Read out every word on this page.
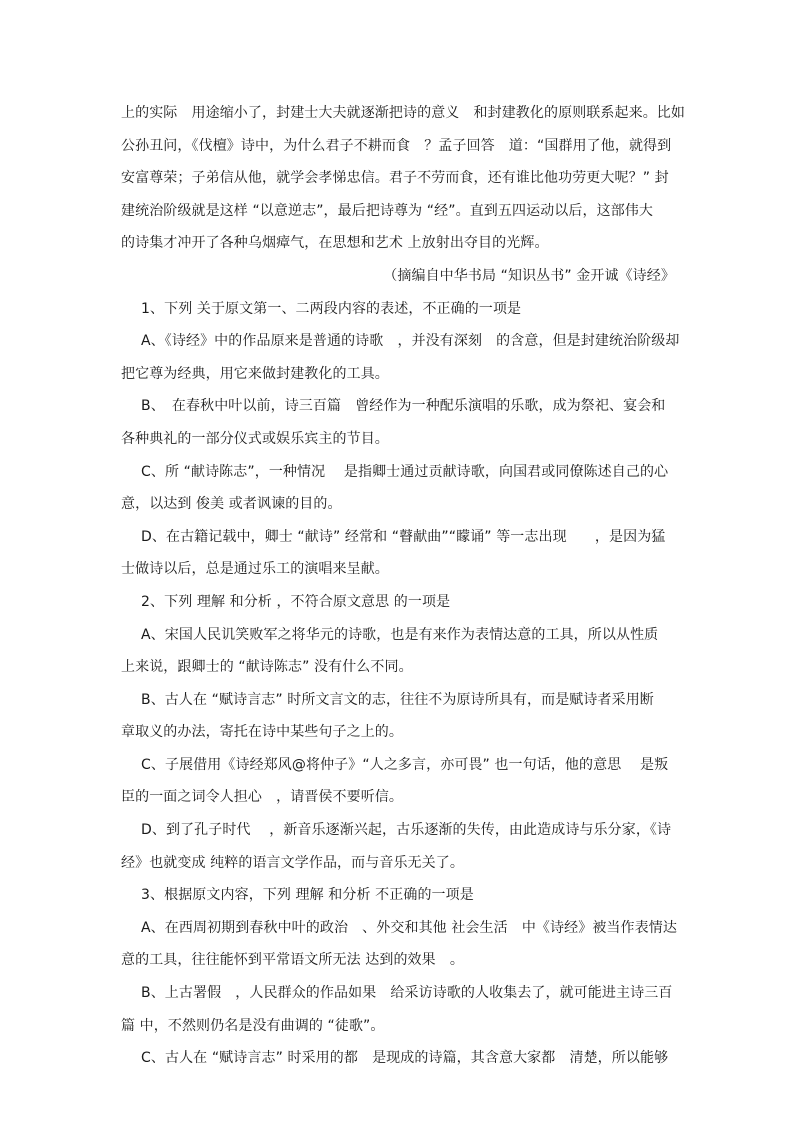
上的实际　用途缩小了，封建士大夫就逐渐把诗的意义　和封建教化的原则联系起来。比如
公孙丑问，《伐檀》诗中，为什么君子不耕而食　？孟子回答　道：“国群用了他，就得到
安富尊荣；子弟信从他，就学会孝悌忠信。君子不劳而食，还有谁比他功劳更大呢？” 封
建统治阶级就是这样 “以意逆志”，最后把诗尊为 “经”。直到五四运动以后，这部伟大
的诗集才冲开了各种乌烟瘴气，在思想和艺术 上放射出夺目的光辉。
（摘编自中华书局 “知识丛书” 金开诚《诗经》
1、下列 关于原文第一、二两段内容的表述，不正确的一项是
A、《诗经》中的作品原来是普通的诗歌　，并没有深刻　的含意，但是封建统治阶级却
把它尊为经典，用它来做封建教化的工具。
B、　在春秋中叶以前，诗三百篇　曾经作为一种配乐演唱的乐歌，成为祭祀、宴会和
各种典礼的一部分仪式或娱乐宾主的节目。
C、所 “献诗陈志”，一种情况　 是指卿士通过贡献诗歌，向国君或同僚陈述自己的心
意，以达到 俊美 或者讽谏的目的。
D、在古籍记载中，卿士 “献诗” 经常和 “瞽献曲”“矇诵” 等一志出现　　，是因为猛
士做诗以后，总是通过乐工的演唱来呈献。
2、下列 理解 和分析 ，不符合原文意思 的一项是
A、宋国人民讥笑败军之将华元的诗歌，也是有来作为表情达意的工具，所以从性质
上来说，跟卿士的 “献诗陈志” 没有什么不同。
B、古人在 “赋诗言志” 时所文言文的志，往往不为原诗所具有，而是赋诗者采用断
章取义的办法，寄托在诗中某些句子之上的。
C、子展借用《诗经郑风@将仲子》“人之多言，亦可畏” 也一句话，他的意思　 是叛
臣的一面之词令人担心　，请晋侯不要听信。
D、到了孔子时代　 ，新音乐逐渐兴起，古乐逐渐的失传，由此造成诗与乐分家，《诗
经》也就变成 纯粹的语言文学作品，而与音乐无关了。
3、根据原文内容，下列 理解 和分析 不正确的一项是
A、在西周初期到春秋中叶的政治　、外交和其他 社会生活　中《诗经》被当作表情达
意的工具，往往能怀到平常语文所无法 达到的效果　。
B、上古署假　，人民群众的作品如果　给采访诗歌的人收集去了，就可能进主诗三百
篇 中，不然则仍名是没有曲调的 “徒歌”。
C、古人在 “赋诗言志” 时采用的都　是现成的诗篇，其含意大家都　清楚，所以能够
